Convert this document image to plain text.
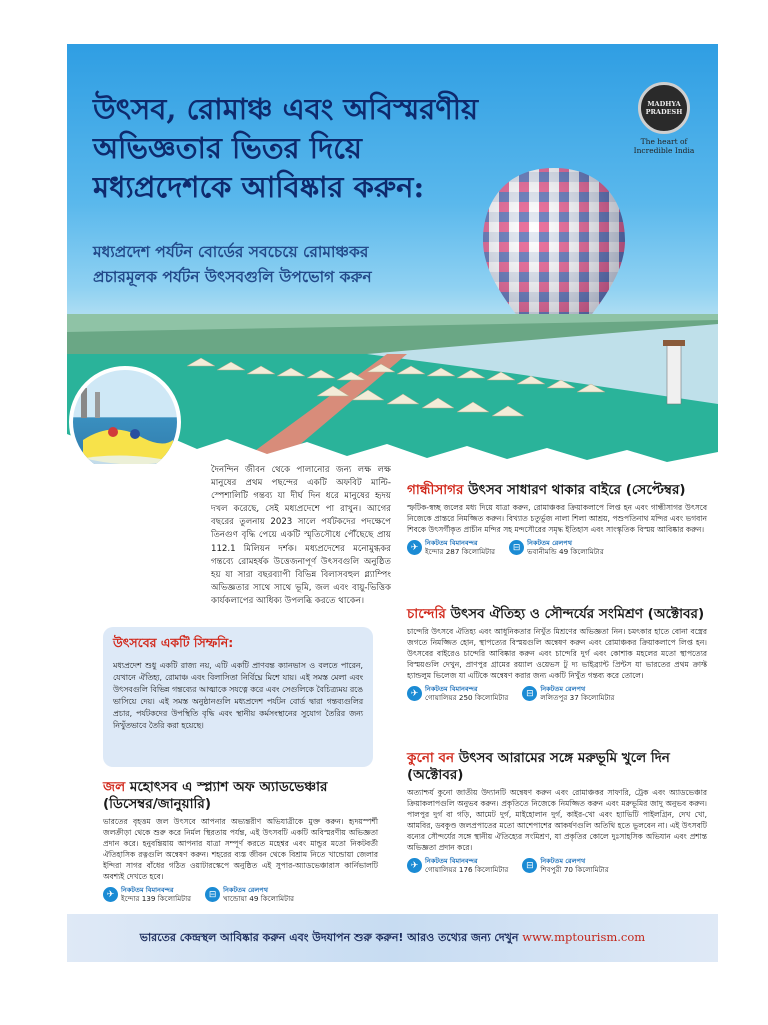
উৎসব, রোমাঞ্চ এবং অবিস্মরণীয়
অভিজ্ঞতার ভিতর দিয়ে
মধ্যপ্রদেশকে আবিষ্কার করুন:
মধ্যপ্রদেশ পর্যটন বোর্ডের সবচেয়ে রোমাঞ্চকর
প্রচারমূলক পর্যটন উৎসবগুলি উপভোগ করুন
MADHYA PRADESH
The heart of
Incredible India

দৈনন্দিন জীবন থেকে পালানোর জন্য লক্ষ লক্ষ মানুষের প্রথম পছন্দের একটি অফবিট মাল্টি-স্পেশালিটি গন্তব্য যা দীর্ঘ দিন ধরে মানুষের হৃদয় দখল করেছে, সেই মধ্যপ্রদেশে পা রাখুন। আগের বছরের তুলনায় 2023 সালে পর্যটকদের পদক্ষেপে তিনগুণ বৃদ্ধি পেয়ে একটি স্মৃতিসৌধে পৌঁছেছে প্রায় 112.1 মিলিয়ন দর্শক। মধ্যপ্রদেশের মনোমুগ্ধকর গন্তব্যে রোমহর্ষক উত্তেজনাপূর্ণ উৎসবগুলি অনুষ্ঠিত হয় যা সারা বছরব্যাপী বিভিন্ন বিলাসবহুল গ্ল্যাম্পিং অভিজ্ঞতার সাথে সাথে ভূমি, জল এবং বায়ু-ভিত্তিক কার্যকলাপের আধিক্য উপলব্ধি করতে থাকেন।

উৎসবের একটি সিম্ফনি:

মধ্যপ্রদেশ শুধু একটি রাজ্য নয়, এটি একটি প্রাণবন্ত ক্যানভাস ও বলতে পারেন, যেখানে ঐতিহ্য, রোমাঞ্চ এবং বিলাসিতা নির্বিঘ্নে মিশে যায়। এই সমস্ত মেলা এবং উৎসবগুলি বিভিন্ন গন্তব্যের আত্মাকে সযত্নে করে এবং সেগুলিকে বৈচিত্র্যময় রঙে ভাসিয়ে দেয়। এই সমস্ত অনুষ্ঠানগুলি মধ্যপ্রদেশ পর্যটন বোর্ড দ্বারা গন্তব্যগুলির প্রচার, পর্যটকদের উপস্থিতি বৃদ্ধি এবং স্থানীয় কর্মসংস্থানের সুযোগ তৈরির জন্য নিখুঁতভাবে তৈরি করা হয়েছে।

জল মহোৎসব এ স্প্ল্যাশ অফ অ্যাডভেঞ্চার (ডিসেম্বর/জানুয়ারি)
ভারতের বৃহত্তম জল উৎসবে আপনার অভ্যন্তরীণ অভিযাত্রীকে মুক্ত করুন। হৃদয়স্পর্শী জলক্রীড়া থেকে শুরু করে নির্মল স্থিরতায় পর্যন্ত, এই উৎসবটি একটি অবিস্মরণীয় অভিজ্ঞতা প্রদান করে। হনুবন্তিয়ায় আপনার যাত্রা সম্পূর্ণ করতে মহেশ্বর এবং মান্ডুর মতো নিকটবর্তী ঐতিহাসিক রত্নগুলি অন্বেষণ করুন। শহরের ব্যস্ত জীবন থেকে বিশ্রাম নিতে খান্ডোয়া জেলার ইন্দিরা সাগর বাঁধের গঠিত ওয়াটারস্কেপে অনুষ্ঠিত এই সুপার-অ্যাডভেঞ্চারাস কার্নিভালটি অবশ্যই দেখতে হবে।
✈	নিকটতম বিমানবন্দর
ইন্দোর 139 কিলোমিটার	⊟	নিকটতম রেলপথ
খান্ডোয়া 49 কিলোমিটার
গান্ধীসাগর উৎসব সাধারণ থাকার বাইরে (সেপ্টেম্বর)
স্ফটিক-স্বচ্ছ জলের মধ্য দিয়ে যাত্রা করুন, রোমাঞ্চকর ক্রিয়াকলাপে লিপ্ত হন এবং গান্ধীসাগর উৎসবে নিজেকে প্রান্তরে নিমজ্জিত করুন। বিখ্যাত চতুর্ভুজ নালা শিলা আশ্রয়, পশুপতিনাথ মন্দির এবং ভগবান শিবকে উৎসর্গীকৃত প্রাচীন মন্দির সহ মন্দসৌরের সমৃদ্ধ ইতিহাস এবং সাংস্কৃতিক বিস্ময় আবিষ্কার করুন।
✈	নিকটতম বিমানবন্দর
ইন্দোর 287 কিলোমিটার	⊟	নিকটতম রেলপথ
ভবানীমন্ডি 49 কিলোমিটার
চান্দেরি উৎসব ঐতিহ্য ও সৌন্দর্যের সংমিশ্রণ (অক্টোবর)
চান্দেরি উৎসবে ঐতিহ্য এবং আধুনিকতার নিখুঁত মিশ্রণের অভিজ্ঞতা নিন। চমৎকার হাতে বোনা বস্ত্রের জগতে নিমজ্জিত হোন, স্থাপত্যের বিস্ময়গুলি অন্বেষণ করুন এবং রোমাঞ্চকর ক্রিয়াকলাপে লিপ্ত হন। উৎসবের বাইরেও চান্দেরি আবিষ্কার করুন এবং চান্দেরি দুর্গ এবং কোশাক মহলের মতো স্থাপত্যের বিস্ময়গুলি দেখুন, প্রাণপুর গ্রামের রয়্যাল ওয়েভস টু দ্য ভাইব্র্যান্ট প্রিন্টস যা ভারতের প্রথম ক্রাফ্ট হ্যান্ডলুম ভিলেজ যা এটিকে অন্বেষণ করার জন্য একটি নিখুঁত গন্তব্য করে তোলে।
✈	নিকটতম বিমানবন্দর
গোয়ালিয়র 250 কিলোমিটার	⊟	নিকটতম রেলপথ
ললিতপুর 37 কিলোমিটার
কুনো বন উৎসব আরামের সঙ্গে মরুভূমি খুলে দিন (অক্টোবর)
অত্যাশ্চর্য কুনো জাতীয় উদ্যানটি অন্বেষণ করুন এবং রোমাঞ্চকর সাফারি, ট্রেক এবং অ্যাডভেঞ্চার ক্রিয়াকলাপগুলি অনুভব করুন। প্রকৃতিতে নিজেকে নিমজ্জিত করুন এবং মরুভূমির জাদু অনুভব করুন। পালপুর দুর্গ বা গড়ি, আমেট দুর্গ, মাইহোলান দুর্গ, কাইর-খো এবং হ্যাভিটি পাইলগ্রিন, দেখ খো, আমবির, ডবকুণ্ড জলপ্রপাতের মতো আশেপাশের আকর্ষণগুলি অতিথি হতে ভুলবেন না। এই উৎসবটি বন্যের সৌন্দর্যের সঙ্গে স্থানীয় ঐতিহ্যের সংমিশ্রণ, যা প্রকৃতির কোলে দুঃসাহসিক অভিযান এবং প্রশান্ত অভিজ্ঞতা প্রদান করে।
✈	নিকটতম বিমানবন্দর
গোয়ালিয়র 176 কিলোমিটার	⊟	নিকটতম রেলপথ
শিবপুরী 70 কিলোমিটার
ভারতের কেন্দ্রস্থল আবিষ্কার করুন এবং উদযাপন শুরু করুন! আরও তথ্যের জন্য দেখুন www.mptourism.com
